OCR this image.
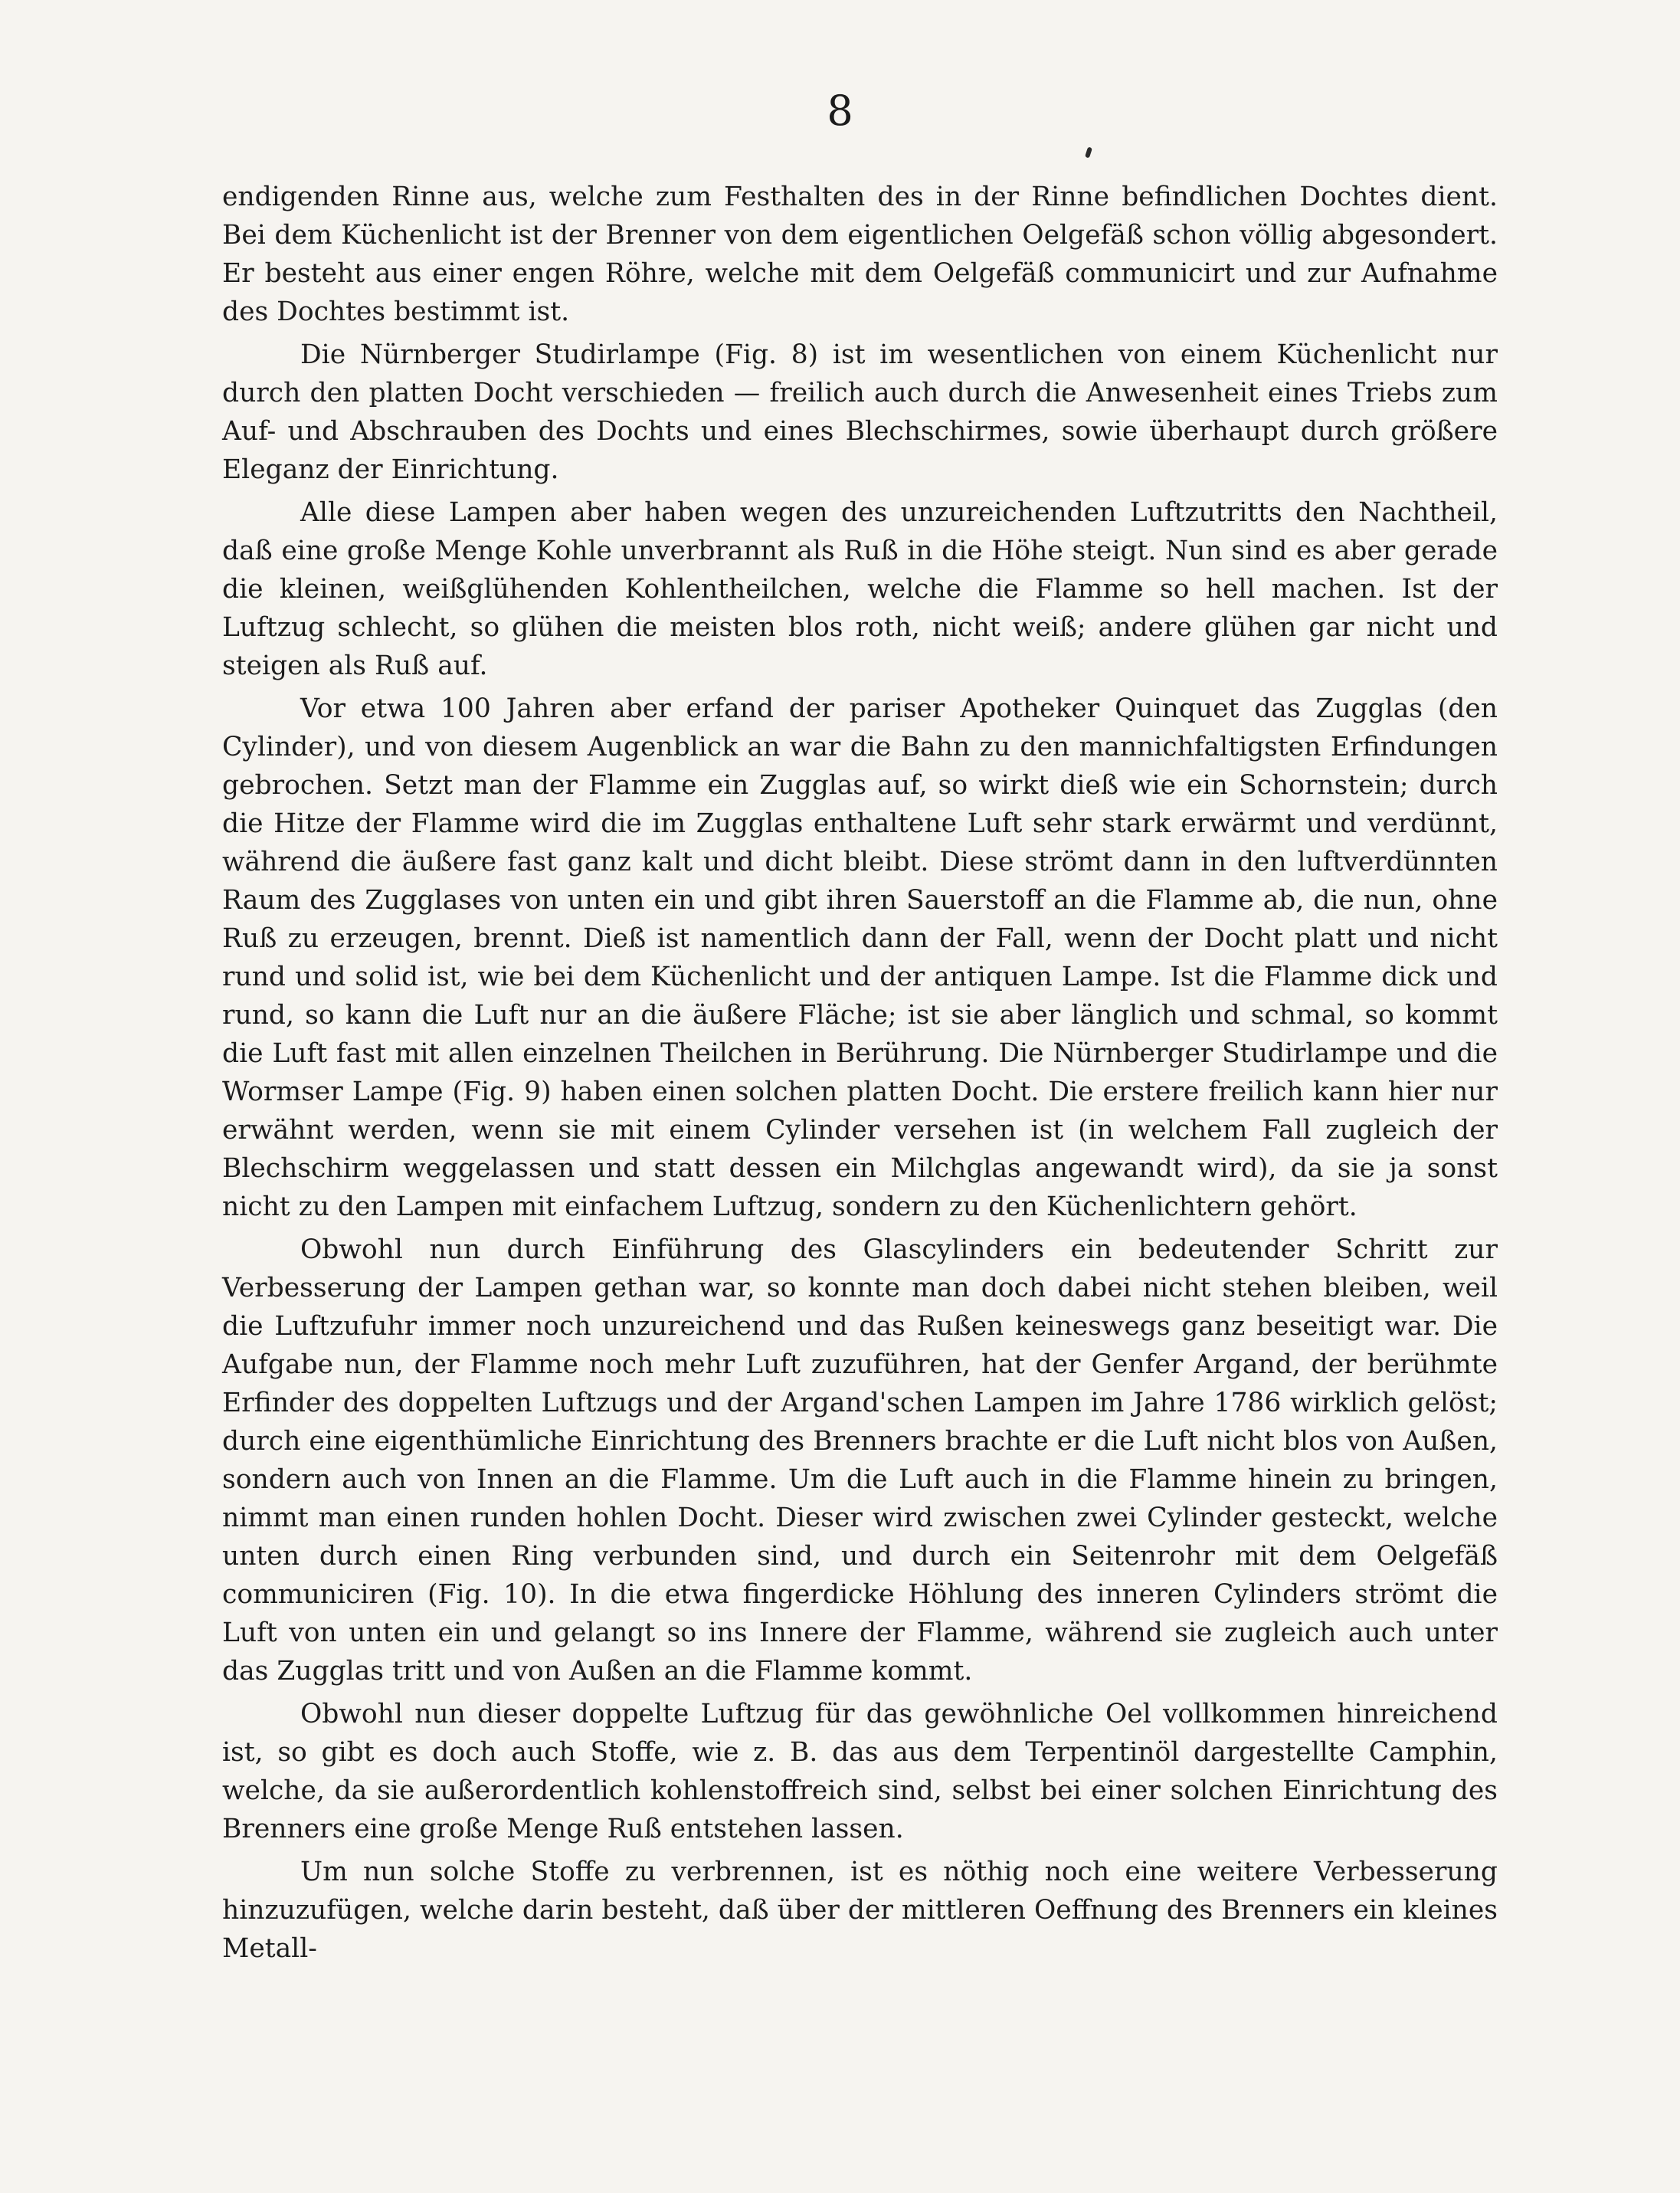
8

endigenden Rinne aus, welche zum Festhalten des in der Rinne befindlichen Dochtes dient. Bei dem Küchenlicht ist der Brenner von dem eigentlichen Oelgefäß schon völlig abgesondert. Er besteht aus einer engen Röhre, welche mit dem Oelgefäß communicirt und zur Aufnahme des Dochtes bestimmt ist.

Die Nürnberger Studirlampe (Fig. 8) ist im wesentlichen von einem Küchenlicht nur durch den platten Docht verschieden — freilich auch durch die Anwesenheit eines Triebs zum Auf- und Abschrauben des Dochts und eines Blechschirmes, sowie überhaupt durch größere Eleganz der Einrichtung.

Alle diese Lampen aber haben wegen des unzureichenden Luftzutritts den Nachtheil, daß eine große Menge Kohle unverbrannt als Ruß in die Höhe steigt. Nun sind es aber gerade die kleinen, weißglühenden Kohlentheilchen, welche die Flamme so hell machen. Ist der Luftzug schlecht, so glühen die meisten blos roth, nicht weiß; andere glühen gar nicht und steigen als Ruß auf.

Vor etwa 100 Jahren aber erfand der pariser Apotheker Quinquet das Zugglas (den Cylinder), und von diesem Augenblick an war die Bahn zu den mannichfaltigsten Erfindungen gebrochen. Setzt man der Flamme ein Zugglas auf, so wirkt dieß wie ein Schornstein; durch die Hitze der Flamme wird die im Zugglas enthaltene Luft sehr stark erwärmt und verdünnt, während die äußere fast ganz kalt und dicht bleibt. Diese strömt dann in den luftverdünnten Raum des Zugglases von unten ein und gibt ihren Sauerstoff an die Flamme ab, die nun, ohne Ruß zu erzeugen, brennt. Dieß ist namentlich dann der Fall, wenn der Docht platt und nicht rund und solid ist, wie bei dem Küchenlicht und der antiquen Lampe. Ist die Flamme dick und rund, so kann die Luft nur an die äußere Fläche; ist sie aber länglich und schmal, so kommt die Luft fast mit allen einzelnen Theilchen in Berührung. Die Nürnberger Studirlampe und die Wormser Lampe (Fig. 9) haben einen solchen platten Docht. Die erstere freilich kann hier nur erwähnt werden, wenn sie mit einem Cylinder versehen ist (in welchem Fall zugleich der Blechschirm weggelassen und statt dessen ein Milchglas angewandt wird), da sie ja sonst nicht zu den Lampen mit einfachem Luftzug, sondern zu den Küchenlichtern gehört.

Obwohl nun durch Einführung des Glascylinders ein bedeutender Schritt zur Verbesserung der Lampen gethan war, so konnte man doch dabei nicht stehen bleiben, weil die Luftzufuhr immer noch unzureichend und das Rußen keineswegs ganz beseitigt war. Die Aufgabe nun, der Flamme noch mehr Luft zuzuführen, hat der Genfer Argand, der berühmte Erfinder des doppelten Luftzugs und der Argand'schen Lampen im Jahre 1786 wirklich gelöst; durch eine eigenthümliche Einrichtung des Brenners brachte er die Luft nicht blos von Außen, sondern auch von Innen an die Flamme. Um die Luft auch in die Flamme hinein zu bringen, nimmt man einen runden hohlen Docht. Dieser wird zwischen zwei Cylinder gesteckt, welche unten durch einen Ring verbunden sind, und durch ein Seitenrohr mit dem Oelgefäß communiciren (Fig. 10). In die etwa fingerdicke Höhlung des inneren Cylinders strömt die Luft von unten ein und gelangt so ins Innere der Flamme, während sie zugleich auch unter das Zugglas tritt und von Außen an die Flamme kommt.

Obwohl nun dieser doppelte Luftzug für das gewöhnliche Oel vollkommen hinreichend ist, so gibt es doch auch Stoffe, wie z. B. das aus dem Terpentinöl dargestellte Camphin, welche, da sie außerordentlich kohlenstoffreich sind, selbst bei einer solchen Einrichtung des Brenners eine große Menge Ruß entstehen lassen.

Um nun solche Stoffe zu verbrennen, ist es nöthig noch eine weitere Verbesserung hinzuzufügen, welche darin besteht, daß über der mittleren Oeffnung des Brenners ein kleines Metall-
